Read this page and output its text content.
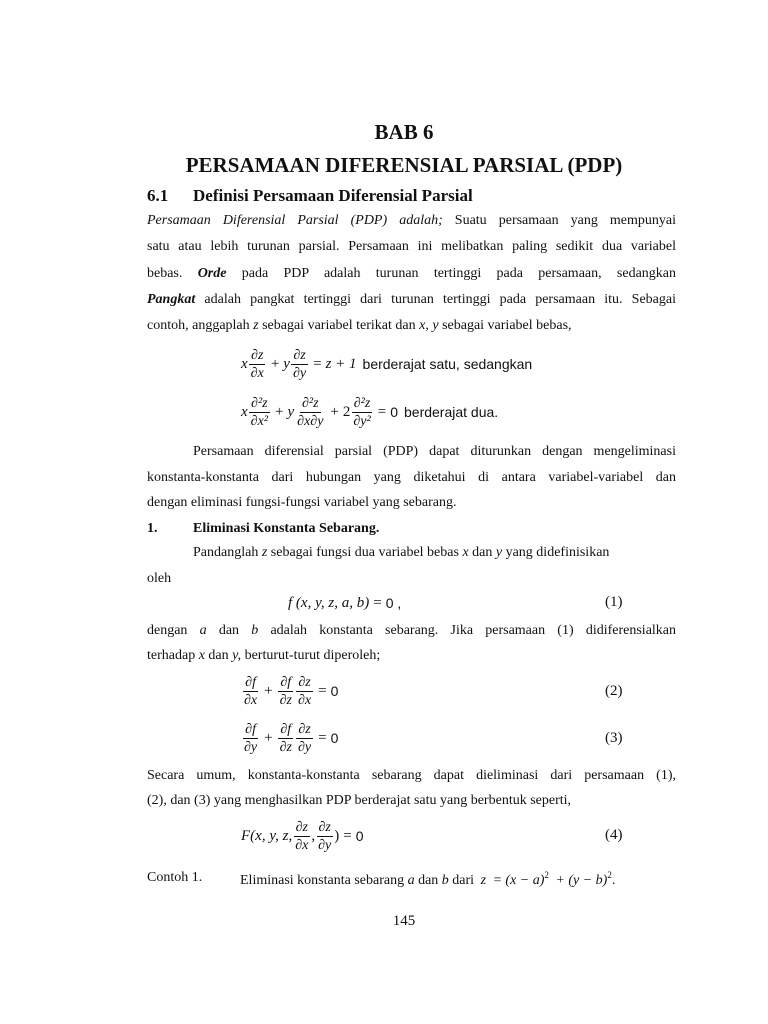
BAB 6
PERSAMAAN DIFERENSIAL PARSIAL (PDP)
6.1 Definisi Persamaan Diferensial Parsial
Persamaan Diferensial Parsial (PDP) adalah; Suatu persamaan yang mempunyai
satu atau lebih turunan parsial. Persamaan ini melibatkan paling sedikit dua variabel
bebas. Orde pada PDP adalah turunan tertinggi pada persamaan, sedangkan
Pangkat adalah pangkat tertinggi dari turunan tertinggi pada persamaan itu. Sebagai
contoh, anggaplah z sebagai variabel terikat dan x, y sebagai variabel bebas,
x $\frac{\partial z}{\partial x} + y \frac{\partial z}{\partial y} = z + 1$ berderajat satu, sedangkan
x $\frac{\text{∂²z}}{\text{∂x²}} + y \frac{\text{∂²z}}{\partial x\partial y} + 2 \frac{\text{∂²z}}{\text{∂y²}} = 0$ berderajat dua.
Persamaan diferensial parsial (PDP) dapat diturunkan dengan mengeliminasi
konstanta-konstanta dari hubungan yang diketahui di antara variabel-variabel dan
dengan eliminasi fungsi-fungsi variabel yang sebarang.
1.	Eliminasi Konstanta Sebarang.
Pandanglah z sebagai fungsi dua variabel bebas x dan y yang didefinisikan
oleh
f (x, y, z, a, b) = 0 ,	(1)
dengan a dan b adalah konstanta sebarang. Jika persamaan (1) didiferensialkan
terhadap x dan y, berturut-turut diperoleh;
$\frac{\partial f}{\partial x} + \frac{\partial f}{\partial z} \frac{\partial z}{\partial x} = 0$	(2)
$\frac{\partial f}{\partial y} + \frac{\partial f}{\partial z} \frac{\partial z}{\partial y} = 0$	(3)
Secara umum, konstanta-konstanta sebarang dapat dieliminasi dari persamaan (1),
(2), dan (3) yang menghasilkan PDP berderajat satu yang berbentuk seperti,
F(x, y, z, $\frac{\partial z}{\partial x}$ , $\frac{\partial z}{\partial y}$ ) = 0	(4)
Contoh 1.	Eliminasi konstanta sebarang a dan b dari $z = (x - a)^2 + (y - b)^2$.
145
